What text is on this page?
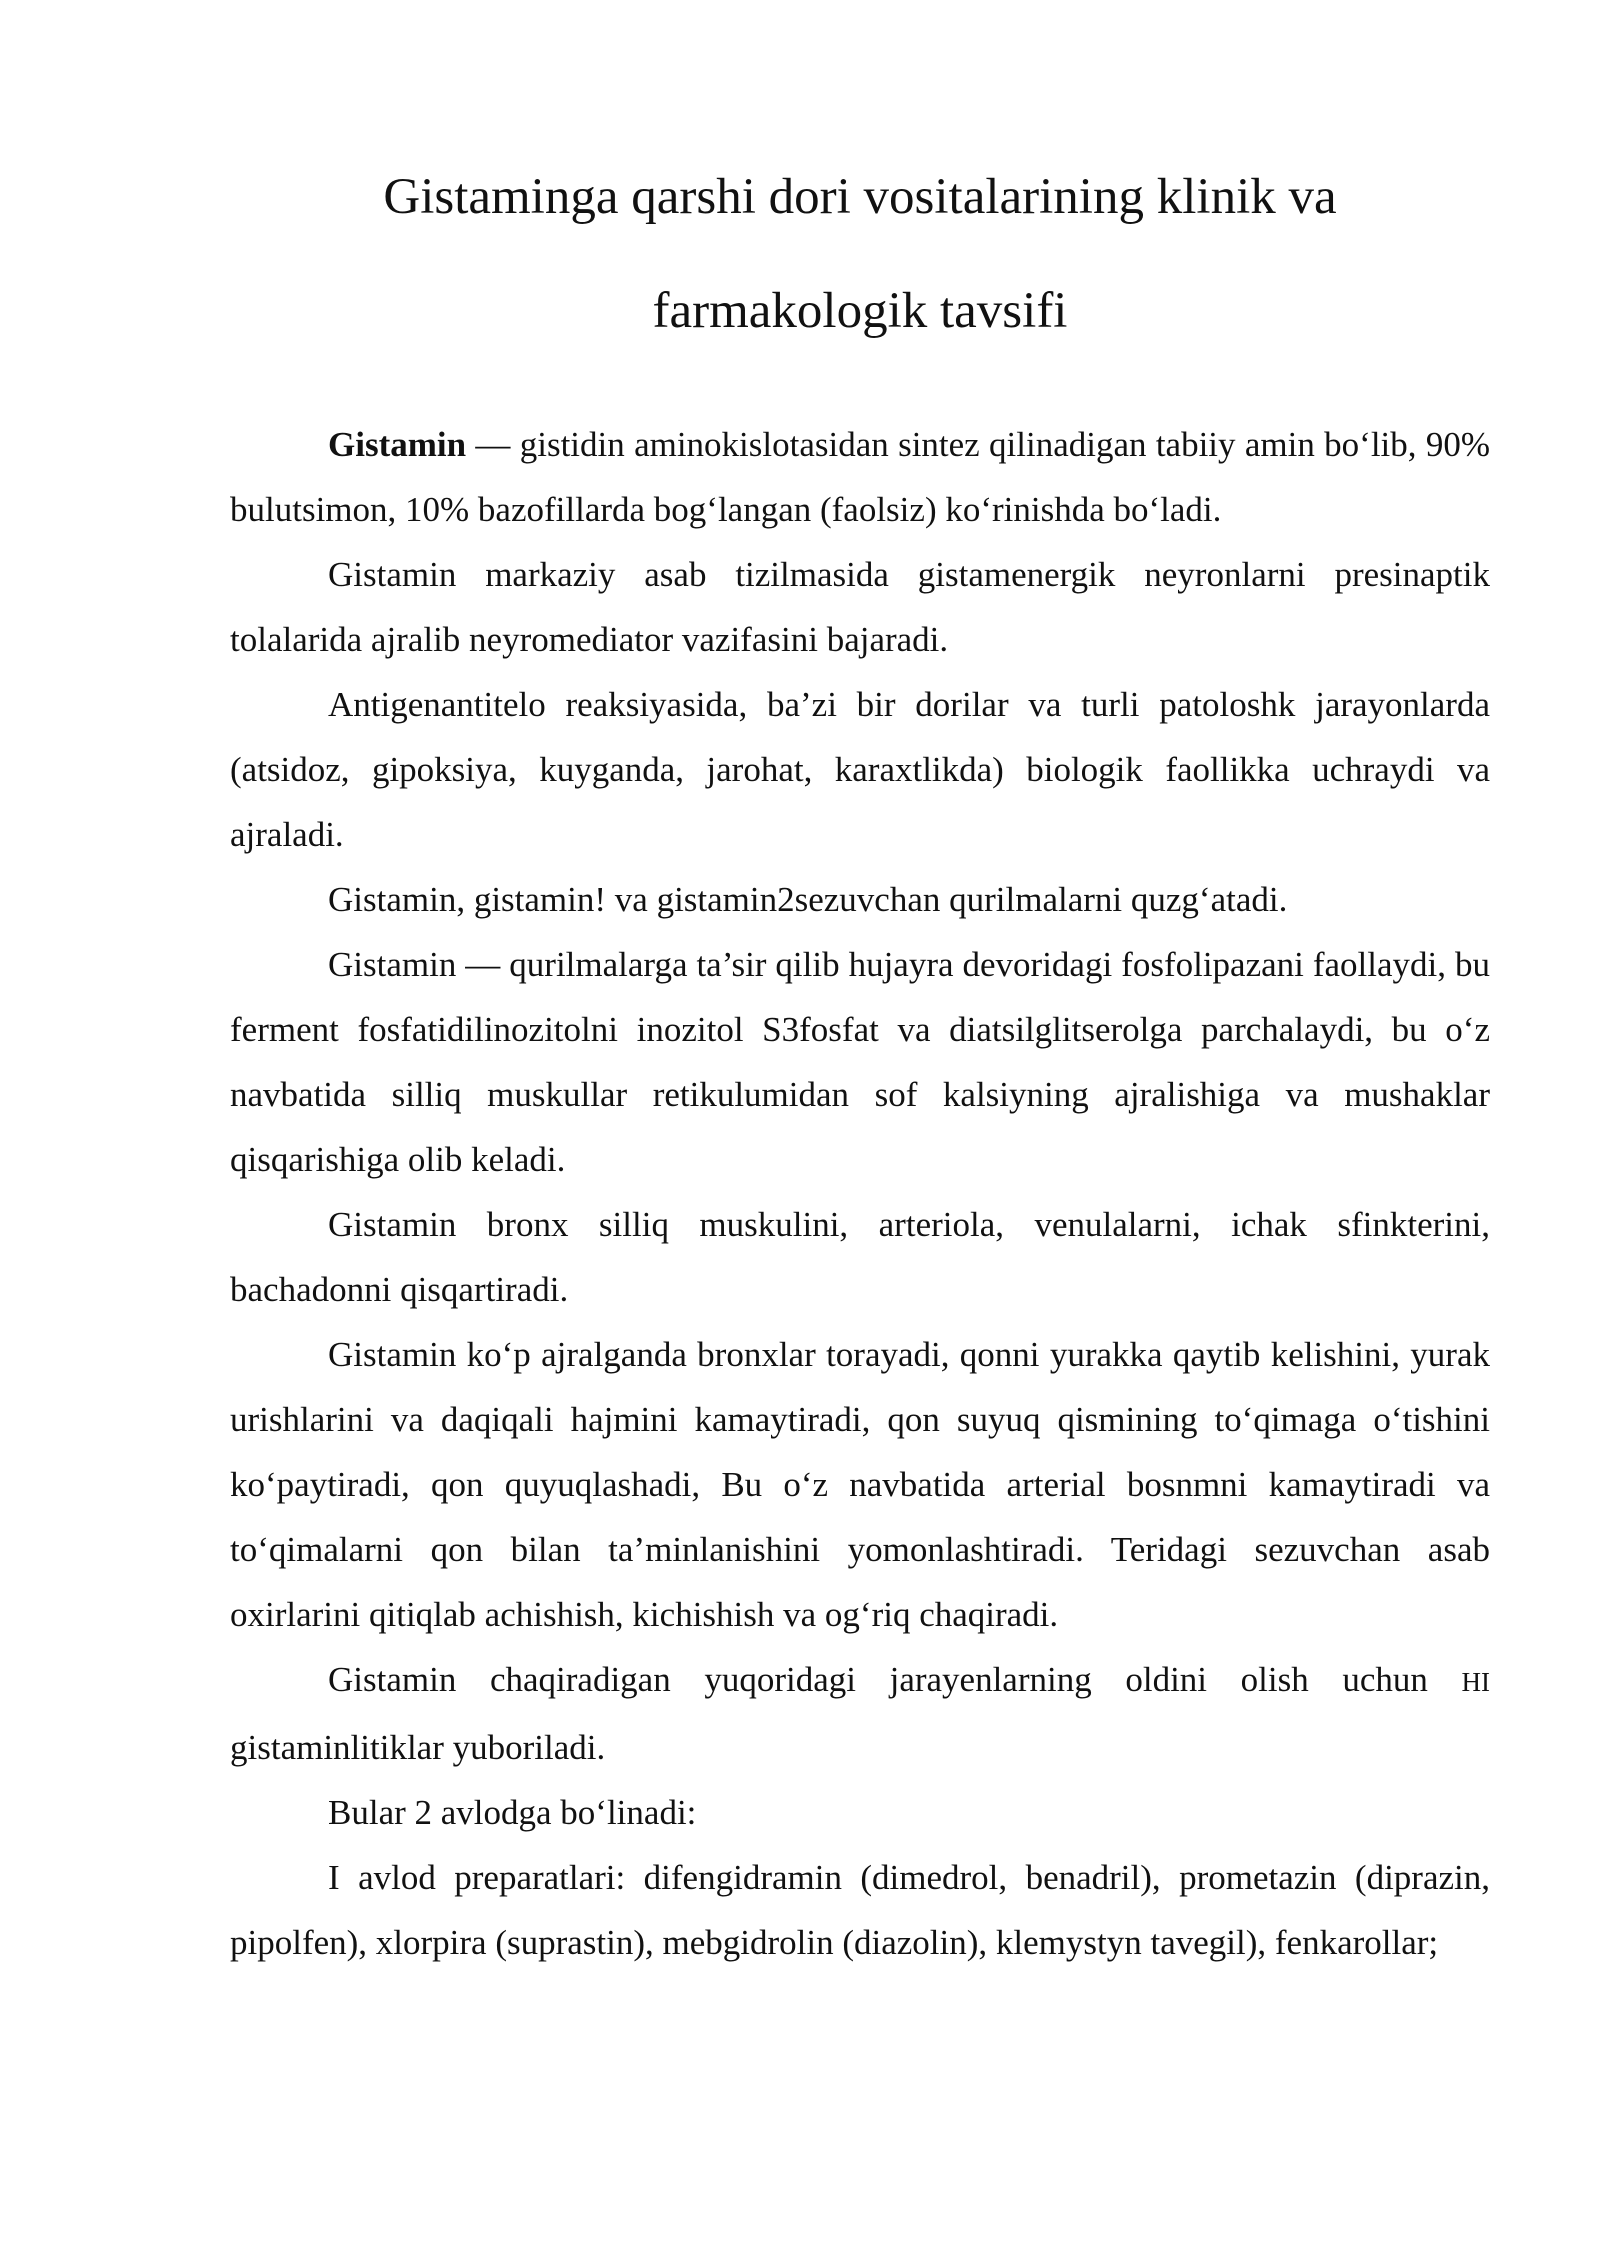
Gistaminga qarshi dori vositalarining klinik va
farmakologik tavsifi

Gistamin — gistidin aminokislotasidan sintez qilinadigan tabiiy amin bo‘lib, 90% bulutsimon, 10% bazofillarda bog‘langan (faolsiz) ko‘rinishda bo‘ladi.

Gistamin markaziy asab tizilmasida gistamenergik neyronlarni presinaptik tolalarida ajralib neyromediator vazifasini bajaradi.

Antigenantitelo reaksiyasida, ba’zi bir dorilar va turli patoloshk jarayonlarda (atsidoz, gipoksiya, kuyganda, jarohat, karaxtlikda) biologik faollikka uchraydi va ajraladi.

Gistamin, gistamin! va gistamin2sezuvchan qurilmalarni quzg‘atadi.

Gistamin — qurilmalarga ta’sir qilib hujayra devoridagi fosfolipazani faollaydi, bu ferment fosfatidilinozitolni inozitol S3fosfat va diatsilglitserolga parchalaydi, bu o‘z navbatida silliq muskullar retikulumidan sof kalsiyning ajralishiga va mushaklar qisqarishiga olib keladi.

Gistamin bronx silliq muskulini, arteriola, venulalarni, ichak sfinkterini, bachadonni qisqartiradi.

Gistamin ko‘p ajralganda bronxlar torayadi, qonni yurakka qaytib kelishini, yurak urishlarini va daqiqali hajmini kamaytiradi, qon suyuq qismining to‘qimaga o‘tishini ko‘paytiradi, qon quyuqlashadi, Bu o‘z navbatida arterial bosnmni kamaytiradi va to‘qimalarni qon bilan ta’minlanishini yomonlashtiradi. Teridagi sezuvchan asab oxirlarini qitiqlab achishish, kichishish va og‘riq chaqiradi.

Gistamin chaqiradigan yuqoridagi jarayenlarning oldini olish uchun HI gistaminlitiklar yuboriladi.

Bular 2 avlodga bo‘linadi:

I avlod preparatlari: difengidramin (dimedrol, benadril), prometazin (diprazin, pipolfen), xlorpira (suprastin), mebgidrolin (diazolin), klemystyn tavegil), fenkarollar;
